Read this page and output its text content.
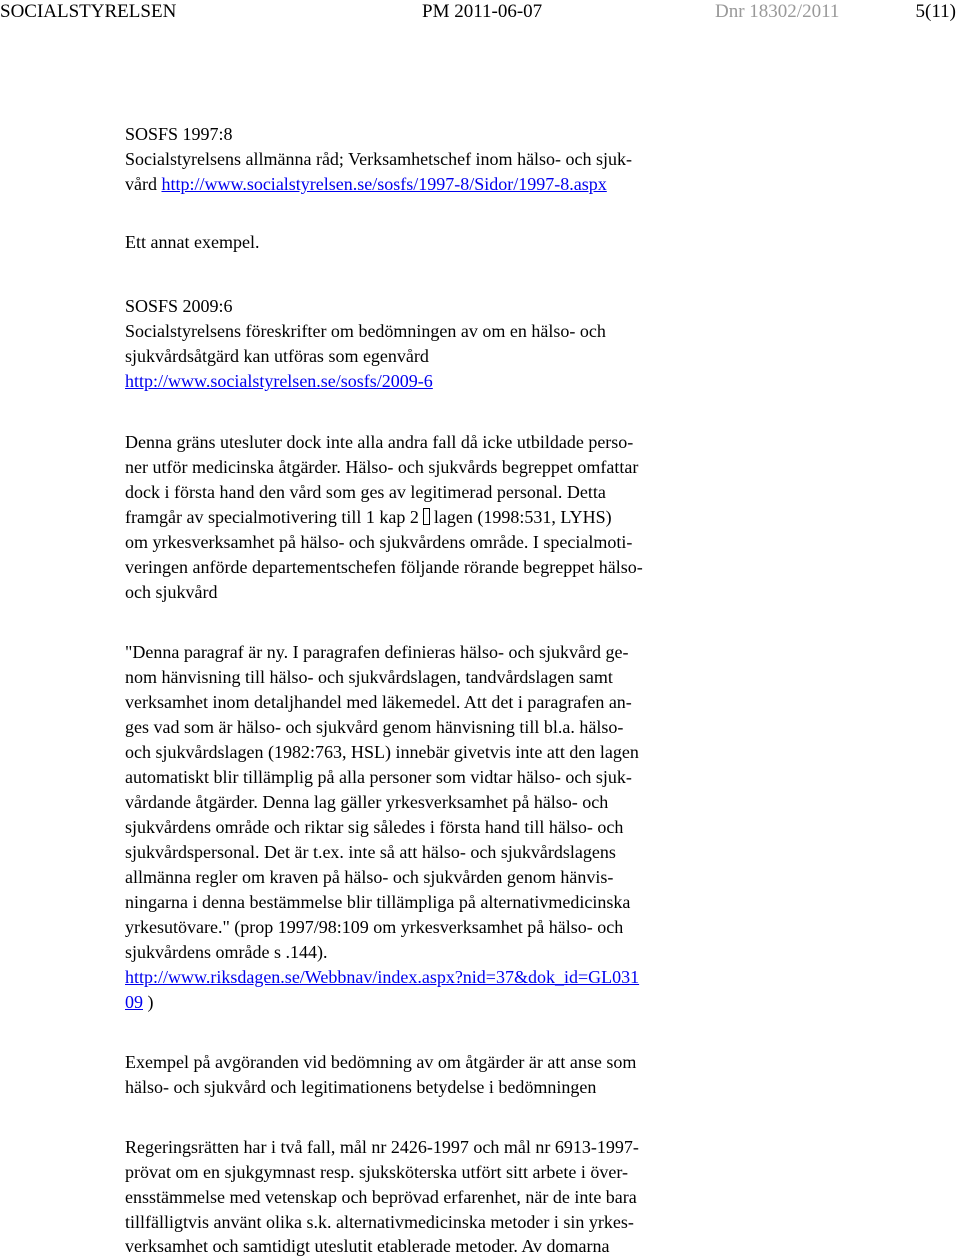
SOCIALSTYRELSEN	PM 2011-06-07	Dnr 18302/2011	5(11)
SOSFS 1997:8
Socialstyrelsens allmänna råd; Verksamhetschef inom hälso- och sjuk-
vård http://www.socialstyrelsen.se/sosfs/1997-8/Sidor/1997-8.aspx
Ett annat exempel.
SOSFS 2009:6
Socialstyrelsens föreskrifter om bedömningen av om en hälso- och
sjukvårdsåtgärd kan utföras som egenvård
http://www.socialstyrelsen.se/sosfs/2009-6
Denna gräns utesluter dock inte alla andra fall då icke utbildade perso-
ner utför medicinska åtgärder. Hälso- och sjukvårds begreppet omfattar
dock i första hand den vård som ges av legitimerad personal. Detta
framgår av specialmotivering till 1 kap 2 lagen (1998:531, LYHS)
om yrkesverksamhet på hälso- och sjukvårdens område. I specialmoti-
veringen anförde departementschefen följande rörande begreppet hälso-
och sjukvård
"Denna paragraf är ny. I paragrafen definieras hälso- och sjukvård ge-
nom hänvisning till hälso- och sjukvårdslagen, tandvårdslagen samt
verksamhet inom detaljhandel med läkemedel. Att det i paragrafen an-
ges vad som är hälso- och sjukvård genom hänvisning till bl.a. hälso-
och sjukvårdslagen (1982:763, HSL) innebär givetvis inte att den lagen
automatiskt blir tillämplig på alla personer som vidtar hälso- och sjuk-
vårdande åtgärder. Denna lag gäller yrkesverksamhet på hälso- och
sjukvårdens område och riktar sig således i första hand till hälso- och
sjukvårdspersonal. Det är t.ex. inte så att hälso- och sjukvårdslagens
allmänna regler om kraven på hälso- och sjukvården genom hänvis-
ningarna i denna bestämmelse blir tillämpliga på alternativmedicinska
yrkesutövare." (prop 1997/98:109 om yrkesverksamhet på hälso- och
sjukvårdens område s .144).
http://www.riksdagen.se/Webbnav/index.aspx?nid=37&dok_id=GL031
09 )
Exempel på avgöranden vid bedömning av om åtgärder är att anse som
hälso- och sjukvård och legitimationens betydelse i bedömningen
Regeringsrätten har i två fall, mål nr 2426-1997 och mål nr 6913-1997-
prövat om en sjukgymnast resp. sjuksköterska utfört sitt arbete i över-
ensstämmelse med vetenskap och beprövad erfarenhet, när de inte bara
tillfälligtvis använt olika s.k. alternativmedicinska metoder i sin yrkes-
verksamhet och samtidigt uteslutit etablerade metoder. Av domarna
